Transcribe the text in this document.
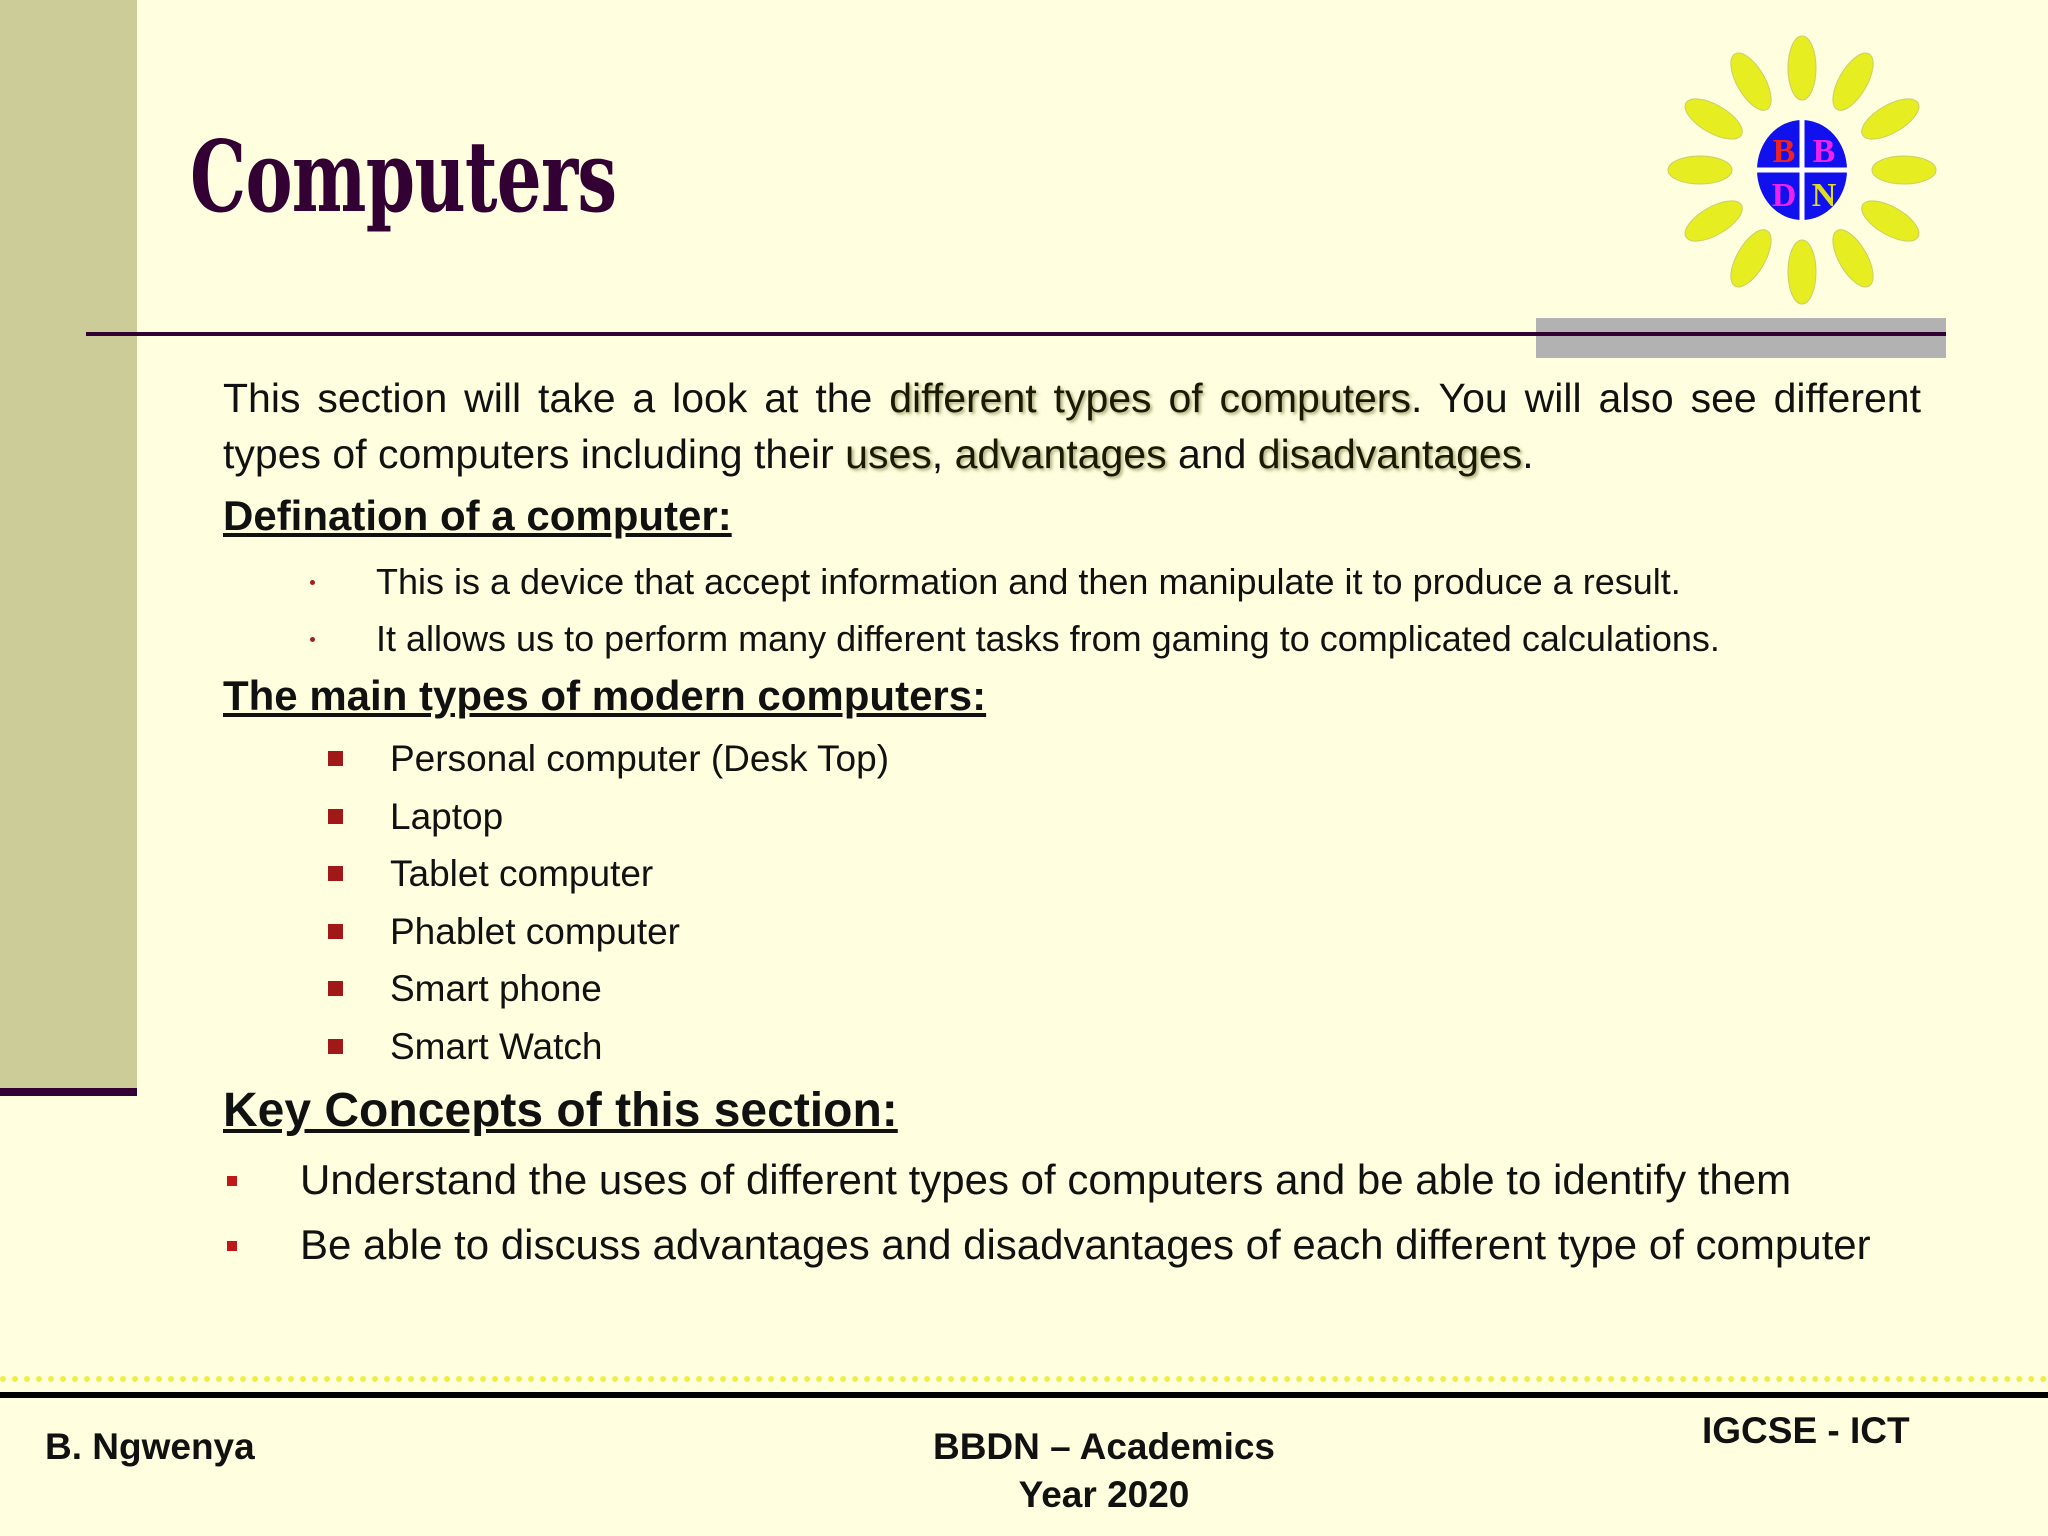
Computers	B B
D N

This section will take a look at the different types of computers. You will also see different types of computers including their uses, advantages and disadvantages.

Defination of a computer:
This is a device that accept information and then manipulate it to produce a result.
It allows us to perform many different tasks from gaming to complicated calculations.
The main types of modern computers:
Personal computer (Desk Top)
Laptop
Tablet computer
Phablet computer
Smart phone
Smart Watch
Key Concepts of this section:
Understand the uses of different types of computers and be able to identify them
Be able to discuss advantages and disadvantages of each different type of computer

B. Ngwenya	BBDN – Academics
Year 2020

IGCSE - ICT
